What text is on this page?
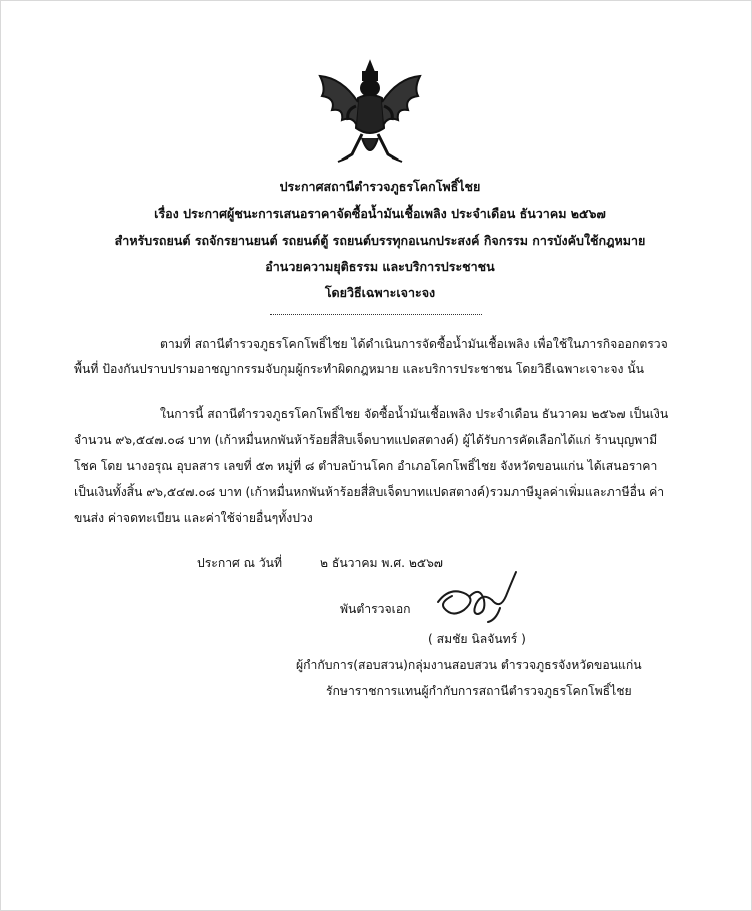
ประกาศสถานีตำรวจภูธรโคกโพธิ์ไชย
เรื่อง ประกาศผู้ชนะการเสนอราคาจัดซื้อน้ำมันเชื้อเพลิง ประจำเดือน ธันวาคม ๒๕๖๗
สำหรับรถยนต์ รถจักรยานยนต์ รถยนต์ตู้ รถยนต์บรรทุกอเนกประสงค์ กิจกรรม การบังคับใช้กฎหมาย
อำนวยความยุติธรรม และบริการประชาชน
โดยวิธีเฉพาะเจาะจง
ตามที่ สถานีตำรวจภูธรโคกโพธิ์ไชย ได้ดำเนินการจัดซื้อน้ำมันเชื้อเพลิง เพื่อใช้ในภารกิจออกตรวจ
พื้นที่ ป้องกันปราบปรามอาชญากรรมจับกุมผู้กระทำผิดกฎหมาย และบริการประชาชน โดยวิธีเฉพาะเจาะจง นั้น
ในการนี้ สถานีตำรวจภูธรโคกโพธิ์ไชย จัดซื้อน้ำมันเชื้อเพลิง ประจำเดือน ธันวาคม ๒๕๖๗ เป็นเงิน
จำนวน ๙๖,๕๔๗.๐๘ บาท (เก้าหมื่นหกพันห้าร้อยสี่สิบเจ็ดบาทแปดสตางค์) ผู้ได้รับการคัดเลือกได้แก่ ร้านบุญพามี
โชค โดย นางอรุณ อุบลสาร เลขที่ ๕๓ หมู่ที่ ๘ ตำบลบ้านโคก อำเภอโคกโพธิ์ไชย จังหวัดขอนแก่น ได้เสนอราคา
เป็นเงินทั้งสิ้น ๙๖,๕๔๗.๐๘ บาท (เก้าหมื่นหกพันห้าร้อยสี่สิบเจ็ดบาทแปดสตางค์)รวมภาษีมูลค่าเพิ่มและภาษีอื่น ค่า
ขนส่ง ค่าจดทะเบียน และค่าใช้จ่ายอื่นๆทั้งปวง
ประกาศ ณ วันที่	๒ ธันวาคม พ.ศ. ๒๕๖๗
พันตำรวจเอก
( สมชัย นิลจันทร์ )
ผู้กำกับการ(สอบสวน)กลุ่มงานสอบสวน ตำรวจภูธรจังหวัดขอนแก่น
รักษาราชการแทนผู้กำกับการสถานีตำรวจภูธรโคกโพธิ์ไชย
